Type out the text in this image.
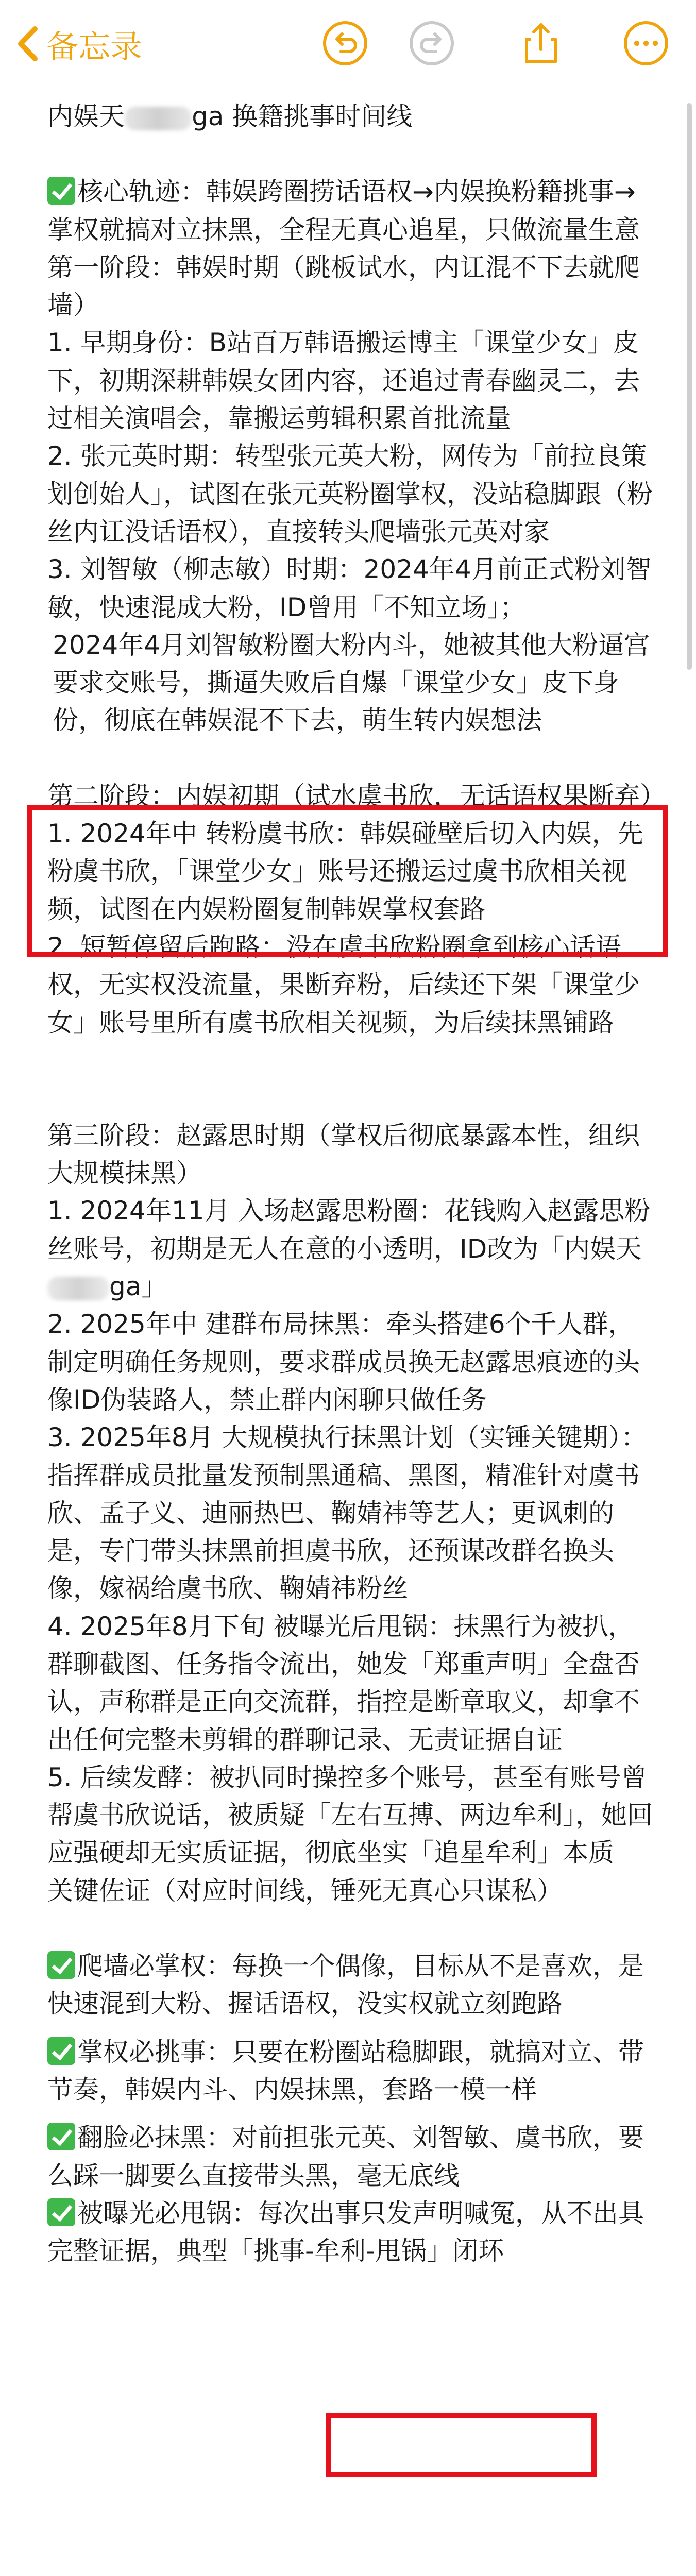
备忘录

内娱天	ga 换籍挑事时间线

核心轨迹：韩娱跨圈捞话语权→内娱换粉籍挑事→掌权就搞对立抹黑，全程无真心追星，只做流量生意

第一阶段：韩娱时期（跳板试水，内讧混不下去就爬墙）

1. 早期身份：B站百万韩语搬运博主「课堂少女」皮下，初期深耕韩娱女团内容，还追过青春幽灵二，去过相关演唱会，靠搬运剪辑积累首批流量

2. 张元英时期：转型张元英大粉，网传为「前拉良策划创始人」，试图在张元英粉圈掌权，没站稳脚跟（粉丝内讧没话语权），直接转头爬墙张元英对家

3. 刘智敏（柳志敏）时期：2024年4月前正式粉刘智敏，快速混成大粉，ID曾用「不知立场」；

2024年4月刘智敏粉圈大粉内斗，她被其他大粉逼宫要求交账号，撕逼失败后自爆「课堂少女」皮下身份，彻底在韩娱混不下去，萌生转内娱想法

第二阶段：内娱初期（试水虞书欣，无话语权果断弃）

1. 2024年中 转粉虞书欣：韩娱碰壁后切入内娱，先粉虞书欣，「课堂少女」账号还搬运过虞书欣相关视频，试图在内娱粉圈复制韩娱掌权套路

2. 短暂停留后跑路：没在虞书欣粉圈拿到核心话语权，无实权没流量，果断弃粉，后续还下架「课堂少女」账号里所有虞书欣相关视频，为后续抹黑铺路

第三阶段：赵露思时期（掌权后彻底暴露本性，组织大规模抹黑）

1. 2024年11月 入场赵露思粉圈：花钱购入赵露思粉丝账号，初期是无人在意的小透明，ID改为「内娱天ga」

2. 2025年中 建群布局抹黑：牵头搭建6个千人群，制定明确任务规则，要求群成员换无赵露思痕迹的头像ID伪装路人，禁止群内闲聊只做任务

3. 2025年8月 大规模执行抹黑计划（实锤关键期）：指挥群成员批量发预制黑通稿、黑图，精准针对虞书欣、孟子义、迪丽热巴、鞠婧祎等艺人；更讽刺的是，专门带头抹黑前担虞书欣，还预谋改群名换头像，嫁祸给虞书欣、鞠婧祎粉丝

4. 2025年8月下旬 被曝光后甩锅：抹黑行为被扒，群聊截图、任务指令流出，她发「郑重声明」全盘否认，声称群是正向交流群，指控是断章取义，却拿不出任何完整未剪辑的群聊记录、无责证据自证

5. 后续发酵：被扒同时操控多个账号，甚至有账号曾帮虞书欣说话，被质疑「左右互搏、两边牟利」，她回应强硬却无实质证据，彻底坐实「追星牟利」本质

关键佐证（对应时间线，锤死无真心只谋私）

爬墙必掌权：每换一个偶像，目标从不是喜欢，是快速混到大粉、握话语权，没实权就立刻跑路

掌权必挑事：只要在粉圈站稳脚跟，就搞对立、带节奏，韩娱内斗、内娱抹黑，套路一模一样

翻脸必抹黑：对前担张元英、刘智敏、虞书欣，要么踩一脚要么直接带头黑，毫无底线

被曝光必甩锅：每次出事只发声明喊冤，从不出具完整证据，典型「挑事-牟利-甩锅」闭环
